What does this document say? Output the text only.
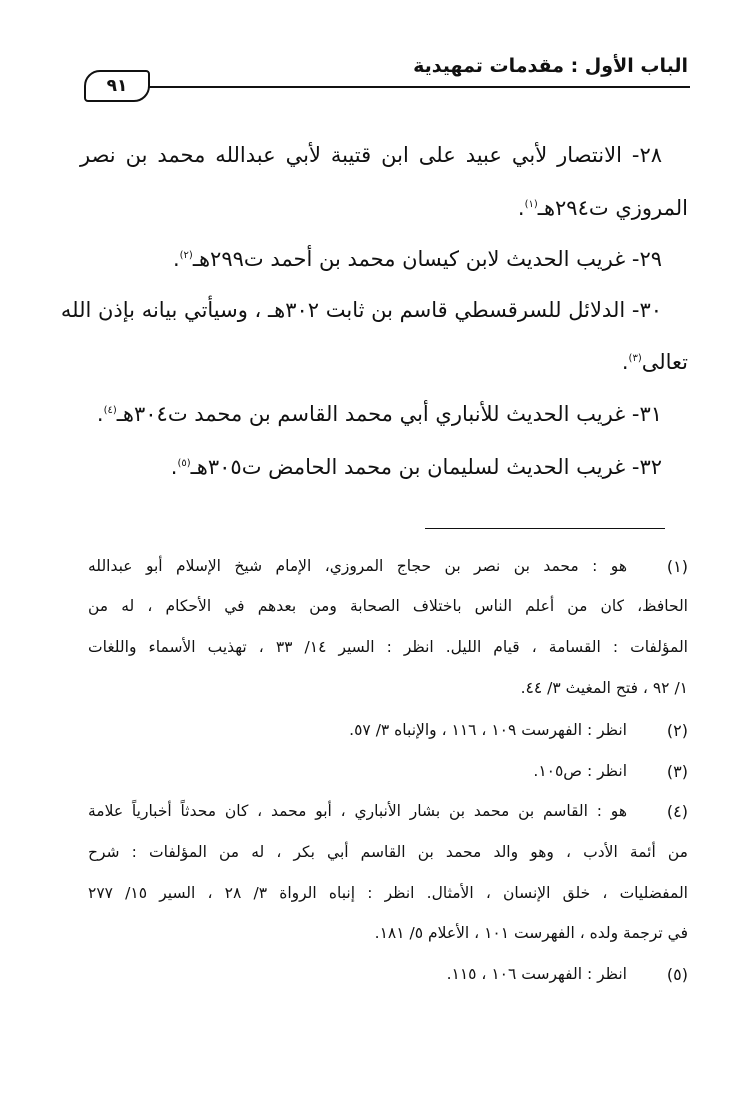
الباب الأول : مقدمات تمهيدية
٩١
٢٨- الانتصار لأبي عبيد على ابن قتيبة لأبي عبدالله محمد بن نصر
المروزي ت٢٩٤هـ$^{(١)}$.
٢٩- غريب الحديث لابن كيسان محمد بن أحمد ت٢٩٩هـ$^{(٢)}$.
٣٠- الدلائل للسرقسطي قاسم بن ثابت ٣٠٢هـ ، وسيأتي بيانه بإذن الله
تعالى$^{(٣)}$.
٣١- غريب الحديث للأنباري أبي محمد القاسم بن محمد ت٣٠٤هـ$^{(٤)}$.
٣٢- غريب الحديث لسليمان بن محمد الحامض ت٣٠٥هـ$^{(٥)}$.
(١)
هو : محمد بن نصر بن حجاج المروزي، الإمام شيخ الإسلام أبو عبدالله
الحافظ، كان من أعلم الناس باختلاف الصحابة ومن بعدهم في الأحكام ، له من
المؤلفات : القسامة ، قيام الليل. انظر : السير ١٤/ ٣٣ ، تهذيب الأسماء واللغات
١/ ٩٢ ، فتح المغيث ٣/ ٤٤.
(٢)
انظر : الفهرست ١٠٩ ، ١١٦ ، والإنباه ٣/ ٥٧.
(٣)
انظر : ص١٠٥.
(٤)
هو : القاسم بن محمد بن بشار الأنباري ، أبو محمد ، كان محدثاً أخبارياً علامة
من أئمة الأدب ، وهو والد محمد بن القاسم أبي بكر ، له من المؤلفات : شرح
المفضليات ، خلق الإنسان ، الأمثال. انظر : إنباه الرواة ٣/ ٢٨ ، السير ١٥/ ٢٧٧
في ترجمة ولده ، الفهرست ١٠١ ، الأعلام ٥/ ١٨١.
(٥)
انظر : الفهرست ١٠٦ ، ١١٥.
